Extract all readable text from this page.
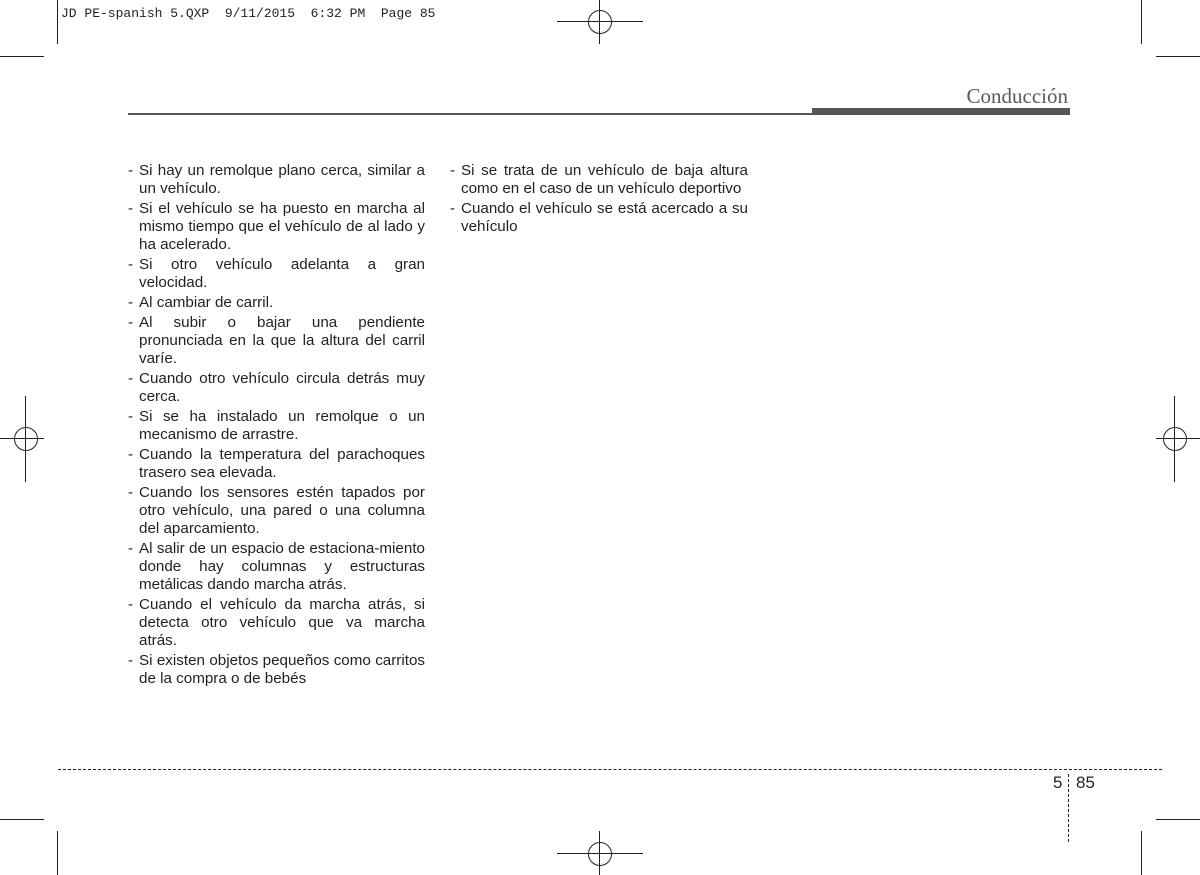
JD PE-spanish 5.QXP  9/11/2015  6:32 PM  Page 85
Conducción
- Si hay un remolque plano cerca, similar a un vehículo.
- Si el vehículo se ha puesto en marcha al mismo tiempo que el vehículo de al lado y ha acelerado.
- Si otro vehículo adelanta a gran velocidad.
- Al cambiar de carril.
- Al subir o bajar una pendiente pronunciada en la que la altura del carril varíe.
- Cuando otro vehículo circula detrás muy cerca.
- Si se ha instalado un remolque o un mecanismo de arrastre.
- Cuando la temperatura del parachoques trasero sea elevada.
- Cuando los sensores estén tapados por otro vehículo, una pared o una columna del aparcamiento.
- Al salir de un espacio de estaciona-miento donde hay columnas y estructuras metálicas dando marcha atrás.
- Cuando el vehículo da marcha atrás, si detecta otro vehículo que va marcha atrás.
- Si existen objetos pequeños como carritos de la compra o de bebés
- Si se trata de un vehículo de baja altura como en el caso de un vehículo deportivo
- Cuando el vehículo se está acercado a su vehículo
5 85
